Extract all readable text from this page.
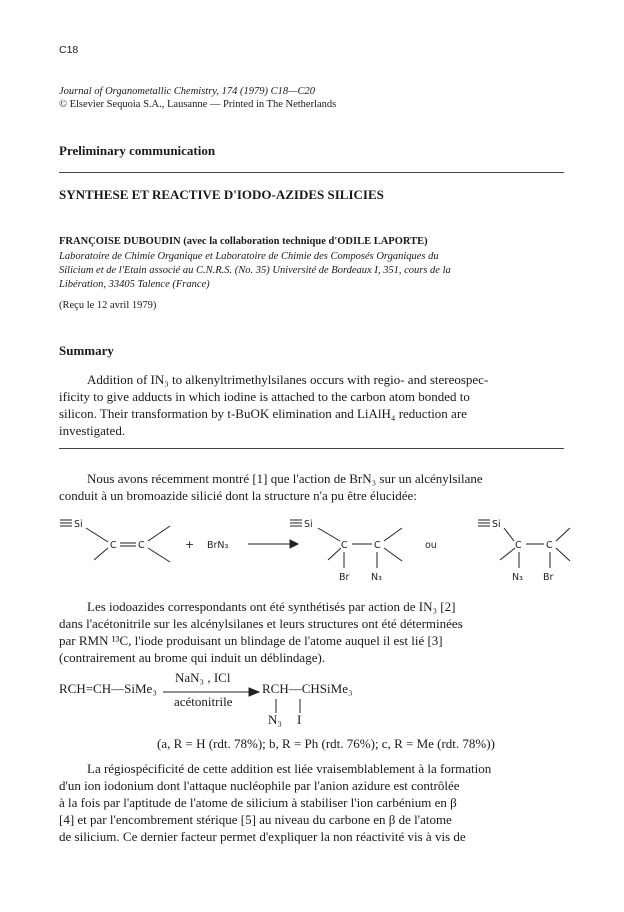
C18
Journal of Organometallic Chemistry, 174 (1979) C18—C20
© Elsevier Sequoia S.A., Lausanne — Printed in The Netherlands
Preliminary communication
SYNTHESE ET REACTIVE D'IODO-AZIDES SILICIES
FRANÇOISE DUBOUDIN (avec la collaboration technique d'ODILE LAPORTE)
Laboratoire de Chimie Organique et Laboratoire de Chimie des Composés Organiques du
Silicium et de l'Etain associé au C.N.R.S. (No. 35) Université de Bordeaux I, 351, cours de la
Libération, 33405 Talence (France)
(Reçu le 12 avril 1979)
Summary
Addition of IN₃ to alkenyltrimethylsilanes occurs with regio- and stereospec-
ificity to give adducts in which iodine is attached to the carbon atom bonded to
silicon. Their transformation by t-BuOK elimination and LiAlH₄ reduction are
investigated.
Nous avons récemment montré [1] que l'action de BrN₃ sur un alcénylsilane
conduit à un bromoazide silicié dont la structure n'a pu être élucidée:
Si
C C	+ BrN₃
Si
C	C
Br N₃
ou
Si
C	C
N₃ Br
Les iodoazides correspondants ont été synthétisés par action de IN₃ [2]
dans l'acétonitrile sur les alcénylsilanes et leurs structures ont été déterminées
par RMN ¹³C, l'iode produisant un blindage de l'atome auquel il est lié [3]
(contrairement au brome qui induit un déblindage).
NaN₃ , ICl
RCH=CH—SiMe₃
acétonitrile
RCH—CHSiMe₃
N₃ I
(a, R = H (rdt. 78%); b, R = Ph (rdt. 76%); c, R = Me (rdt. 78%))
La régiospécificité de cette addition est liée vraisemblablement à la formation
d'un ion iodonium dont l'attaque nucléophile par l'anion azidure est contrôlée
à la fois par l'aptitude de l'atome de silicium à stabiliser l'ion carbénium en β
[4] et par l'encombrement stérique [5] au niveau du carbone en β de l'atome
de silicium. Ce dernier facteur permet d'expliquer la non réactivité vis à vis de
